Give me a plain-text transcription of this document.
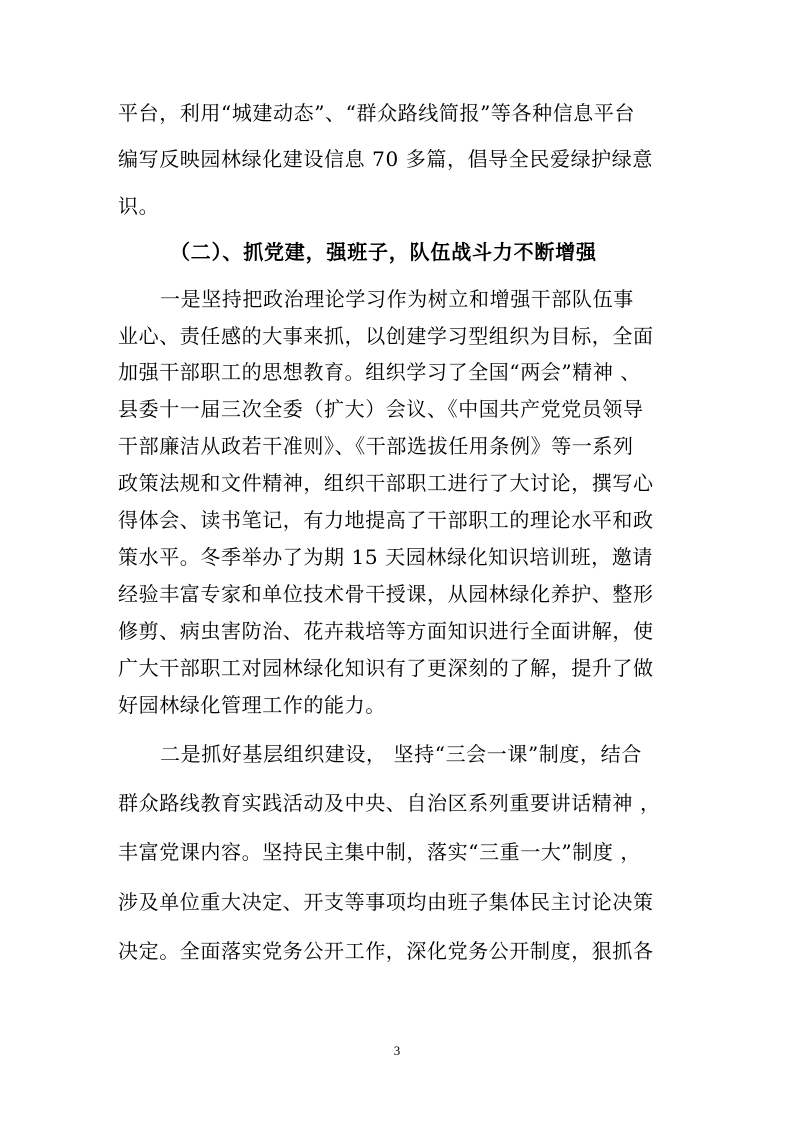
平台，利用“城建动态”、“群众路线简报”等各种信息平台
编写反映园林绿化建设信息 70 多篇，倡导全民爱绿护绿意
识。
（二）、抓党建，强班子，队伍战斗力不断增强
一是坚持把政治理论学习作为树立和增强干部队伍事
业心、责任感的大事来抓，以创建学习型组织为目标，全面
加强干部职工的思想教育。组织学习了全国“两会”精神 、
县委十一届三次全委（扩大）会议、《中国共产党党员领导
干部廉洁从政若干准则》、《干部选拔任用条例》等一系列
政策法规和文件精神，组织干部职工进行了大讨论，撰写心
得体会、读书笔记，有力地提高了干部职工的理论水平和政
策水平。冬季举办了为期 15 天园林绿化知识培训班，邀请
经验丰富专家和单位技术骨干授课，从园林绿化养护、整形
修剪、病虫害防治、花卉栽培等方面知识进行全面讲解，使
广大干部职工对园林绿化知识有了更深刻的了解，提升了做
好园林绿化管理工作的能力。
二是抓好基层组织建设， 坚持“三会一课”制度，结合
群众路线教育实践活动及中央、自治区系列重要讲话精神 ，
丰富党课内容。坚持民主集中制，落实“三重一大”制度 ，
涉及单位重大决定、开支等事项均由班子集体民主讨论决策
决定。全面落实党务公开工作，深化党务公开制度，狠抓各
3
